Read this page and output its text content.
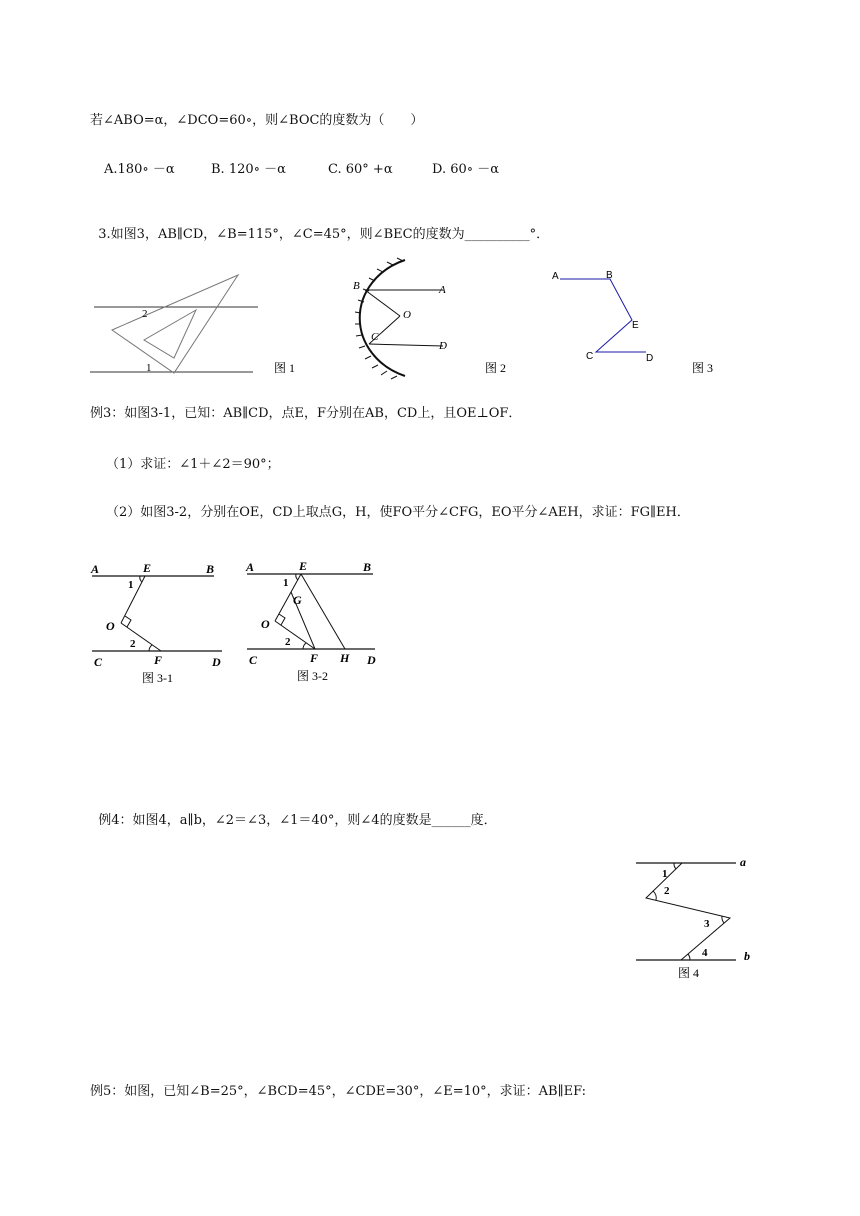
若∠ABO=α，∠DCO=60∘，则∠BOC的度数为（　　）
A.180∘ －α	B. 120∘ －α	C. 60° +α	D. 60∘ －α

3.如图3，AB∥CD，∠B=115°，∠C=45°，则∠BEC的度数为__________°．

2
1	图 1
B	A
O
C
D
图 2
A	B
E
C	D
图 3
例3：如图3-1，已知：AB∥CD，点E，F分别在AB，CD上，且OE⊥OF．
（1）求证：∠1＋∠2＝90°；
（2）如图3-2，分别在OE，CD上取点G，H，使FO平分∠CFG，EO平分∠AEH，求证：FG∥EH．
A	E	B
1
O
2
C	F	D
图 3-1
A	E	B
1
G
O
2
C	F H D
图 3-2

例4：如图4，a∥b，∠2＝∠3，∠1＝40°，则∠4的度数是______度．

a
1
2
3
4	b
图 4
例5：如图，已知∠B=25°，∠BCD=45°，∠CDE=30°，∠E=10°，求证：AB∥EF:
